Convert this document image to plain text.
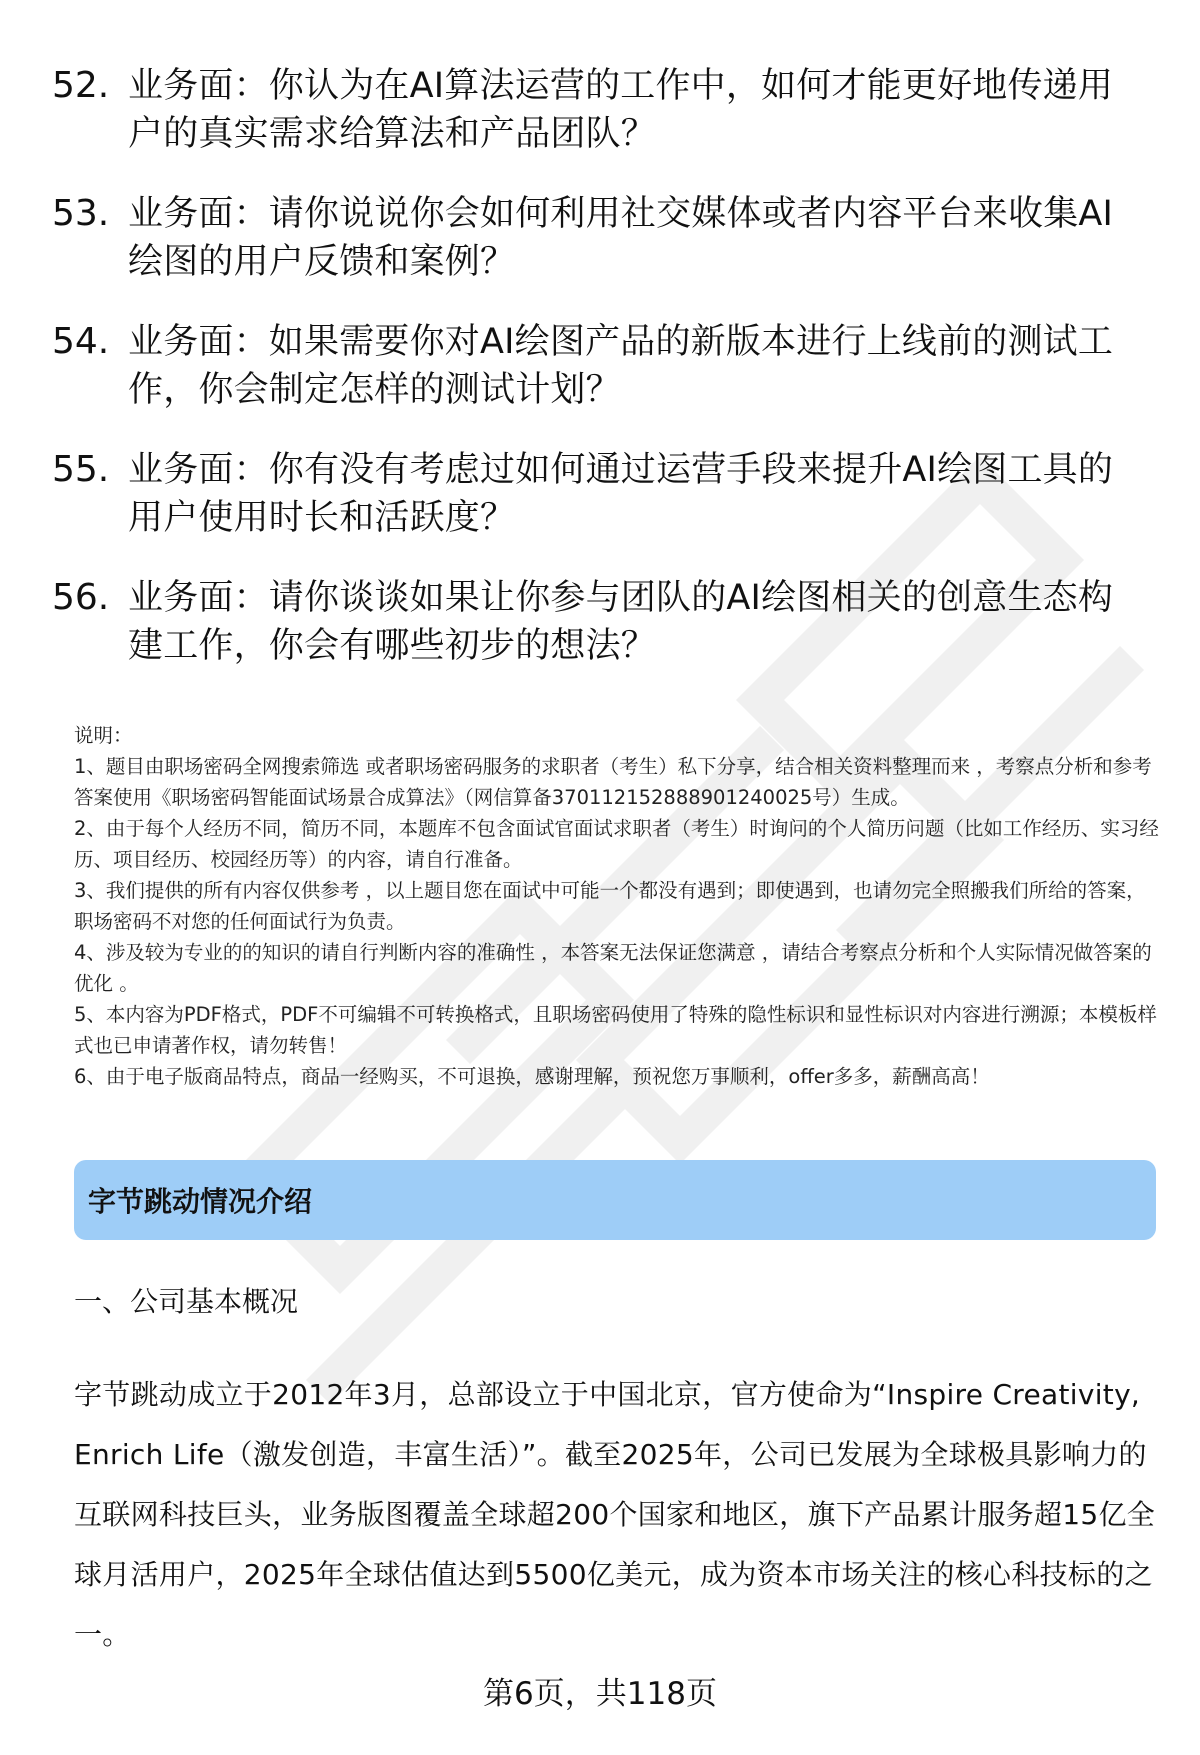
52. 业务面：你认为在AI算法运营的工作中，如何才能更好地传递用户的真实需求给算法和产品团队？
53. 业务面：请你说说你会如何利用社交媒体或者内容平台来收集AI绘图的用户反馈和案例？
54. 业务面：如果需要你对AI绘图产品的新版本进行上线前的测试工作，你会制定怎样的测试计划？
55. 业务面：你有没有考虑过如何通过运营手段来提升AI绘图工具的用户使用时长和活跃度？
56. 业务面：请你谈谈如果让你参与团队的AI绘图相关的创意生态构建工作，你会有哪些初步的想法？

说明：

1、题目由职场密码全网搜索筛选 或者职场密码服务的求职者（考生）私下分享，结合相关资料整理而来 ，考察点分析和参考答案使用《职场密码智能面试场景合成算法》（网信算备370112152888901240025号）生成。

2、由于每个人经历不同，简历不同，本题库不包含面试官面试求职者（考生）时询问的个人简历问题（比如工作经历、实习经历、项目经历、校园经历等）的内容，请自行准备。

3、我们提供的所有内容仅供参考 ，以上题目您在面试中可能一个都没有遇到；即使遇到，也请勿完全照搬我们所给的答案，职场密码不对您的任何面试行为负责。

4、涉及较为专业的的知识的请自行判断内容的准确性 ，本答案无法保证您满意 ，请结合考察点分析和个人实际情况做答案的优化 。

5、本内容为PDF格式，PDF不可编辑不可转换格式，且职场密码使用了特殊的隐性标识和显性标识对内容进行溯源；本模板样式也已申请著作权，请勿转售！

6、由于电子版商品特点，商品一经购买，不可退换，感谢理解，预祝您万事顺利，offer多多，薪酬高高！

字节跳动情况介绍
一、公司基本概况
字节跳动成立于2012年3月，总部设立于中国北京，官方使命为“Inspire Creativity, Enrich Life（激发创造，丰富生活）”。截至2025年，公司已发展为全球极具影响力的互联网科技巨头，业务版图覆盖全球超200个国家和地区，旗下产品累计服务超15亿全球月活用户，2025年全球估值达到5500亿美元，成为资本市场关注的核心科技标的之一。
第6页，共118页
